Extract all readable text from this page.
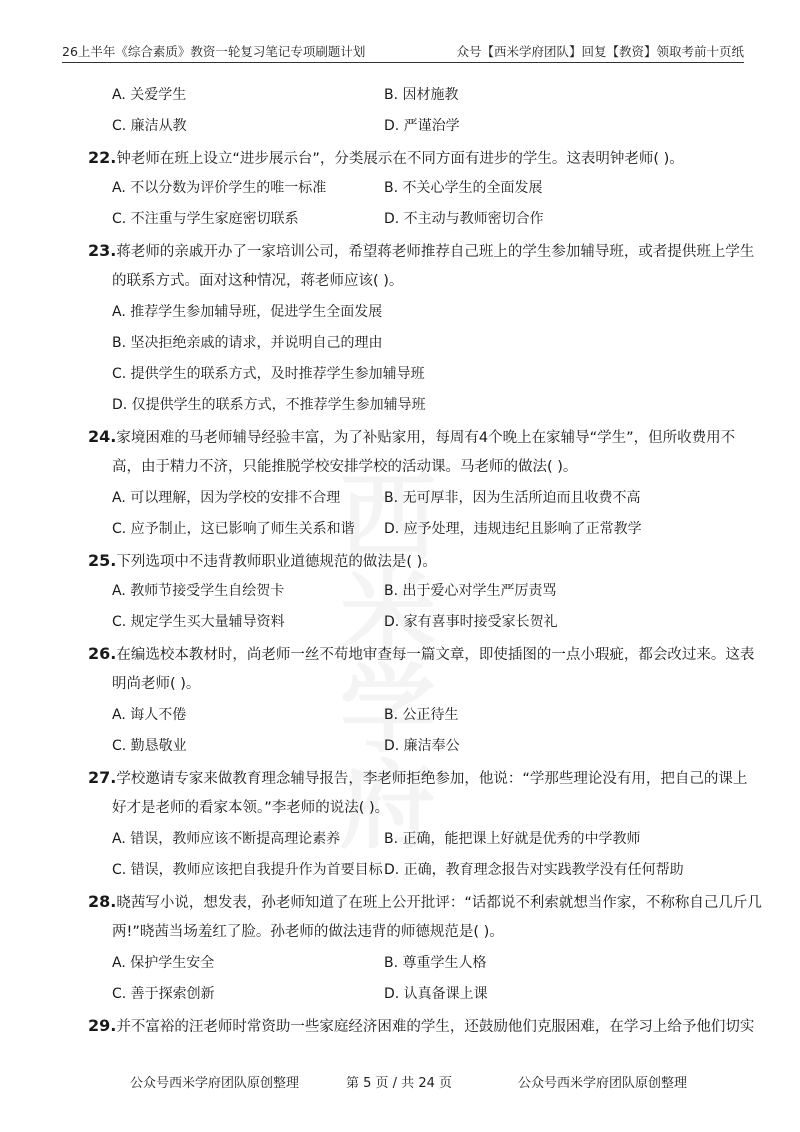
26上半年《综合素质》教资一轮复习笔记专项刷题计划	众号【西米学府团队】回复【教资】领取考前十页纸
A. 关爱学生	B. 因材施教
C. 廉洁从教	D. 严谨治学
22.钟老师在班上设立“进步展示台”，分类展示在不同方面有进步的学生。这表明钟老师( )。
A. 不以分数为评价学生的唯一标准	B. 不关心学生的全面发展
C. 不注重与学生家庭密切联系	D. 不主动与教师密切合作
23.蒋老师的亲戚开办了一家培训公司，希望蒋老师推荐自己班上的学生参加辅导班，或者提供班上学生
的联系方式。面对这种情况，蒋老师应该( )。
A. 推荐学生参加辅导班，促进学生全面发展
B. 坚决拒绝亲戚的请求，并说明自己的理由
C. 提供学生的联系方式，及时推荐学生参加辅导班
D. 仅提供学生的联系方式，不推荐学生参加辅导班
24.家境困难的马老师辅导经验丰富，为了补贴家用，每周有4个晚上在家辅导“学生”，但所收费用不
高，由于精力不济，只能推脱学校安排学校的活动课。马老师的做法( )。
A. 可以理解，因为学校的安排不合理	B. 无可厚非，因为生活所迫而且收费不高
C. 应予制止，这已影响了师生关系和谐 D. 应予处理，违规违纪且影响了正常教学
25.下列选项中不违背教师职业道德规范的做法是( )。
A. 教师节接受学生自绘贺卡	B. 出于爱心对学生严厉责骂
C. 规定学生买大量辅导资料	D. 家有喜事时接受家长贺礼
26.在编选校本教材时，尚老师一丝不苟地审查每一篇文章，即使插图的一点小瑕疵，都会改过来。这表
明尚老师( )。
A. 诲人不倦	B. 公正待生
C. 勤恳敬业	D. 廉洁奉公
27.学校邀请专家来做教育理念辅导报告，李老师拒绝参加，他说：“学那些理论没有用，把自己的课上
好才是老师的看家本领。”李老师的说法( )。
A. 错误，教师应该不断提高理论素养	B. 正确，能把课上好就是优秀的中学教师
C. 错误，教师应该把自我提升作为首要目标 D. 正确，教育理念报告对实践教学没有任何帮助
28.晓茜写小说，想发表，孙老师知道了在班上公开批评：“话都说不利索就想当作家，不称称自己几斤几
两!”晓茜当场羞红了脸。孙老师的做法违背的师德规范是( )。
A. 保护学生安全	B. 尊重学生人格
C. 善于探索创新	D. 认真备课上课
29.并不富裕的汪老师时常资助一些家庭经济困难的学生，还鼓励他们克服困难，在学习上给予他们切实
公众号西米学府团队原创整理	第 5 页 / 共 24 页	公众号西米学府团队原创整理
